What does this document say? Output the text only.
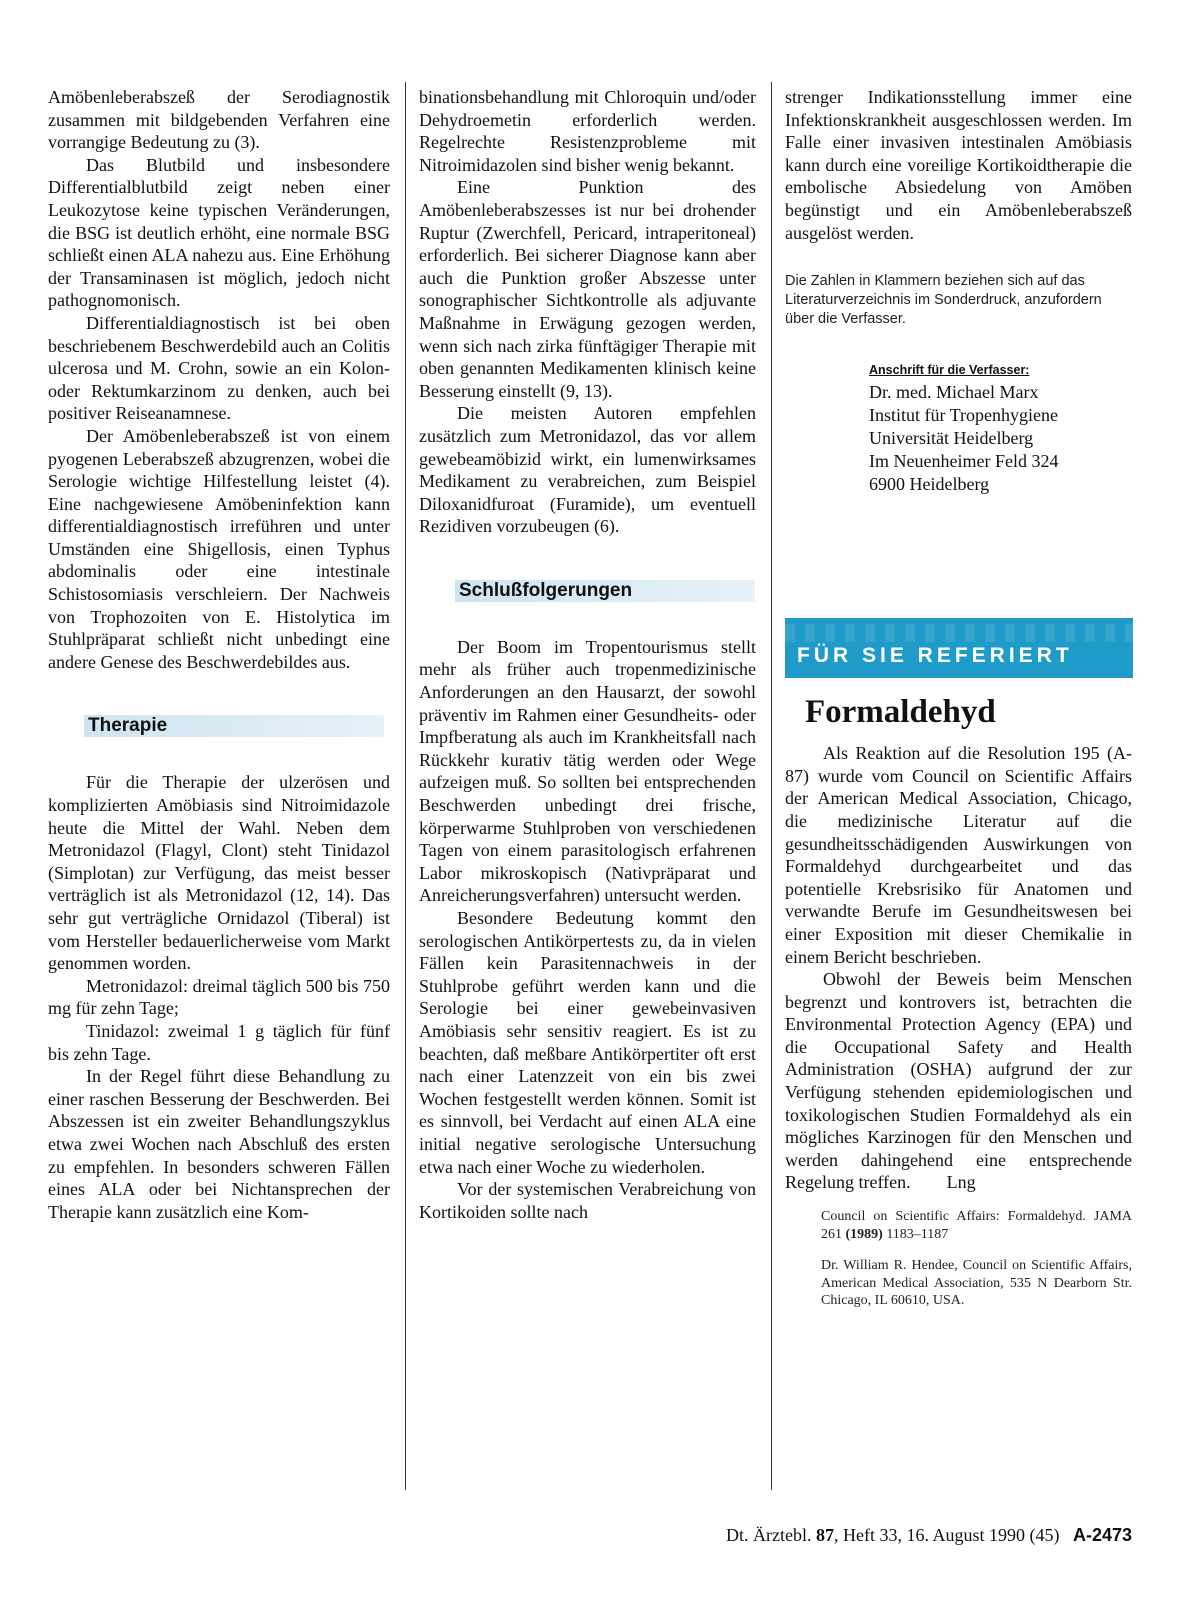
Amöbenleberabszeß der Serodiagnostik zusammen mit bildgebenden Verfahren eine vorrangige Bedeutung zu (3).

Das Blutbild und insbesondere Differentialblutbild zeigt neben einer Leukozytose keine typischen Veränderungen, die BSG ist deutlich erhöht, eine normale BSG schließt einen ALA nahezu aus. Eine Erhöhung der Transaminasen ist möglich, jedoch nicht pathognomonisch.

Differentialdiagnostisch ist bei oben beschriebenem Beschwerdebild auch an Colitis ulcerosa und M. Crohn, sowie an ein Kolon- oder Rektumkarzinom zu denken, auch bei positiver Reiseanamnese.

Der Amöbenleberabszeß ist von einem pyogenen Leberabszeß abzugrenzen, wobei die Serologie wichtige Hilfestellung leistet (4). Eine nachgewiesene Amöbeninfektion kann differentialdiagnostisch irreführen und unter Umständen eine Shigellosis, einen Typhus abdominalis oder eine intestinale Schistosomiasis verschleiern. Der Nachweis von Trophozoiten von E. Histolytica im Stuhlpräparat schließt nicht unbedingt eine andere Genese des Beschwerdebildes aus.

Therapie

Für die Therapie der ulzerösen und komplizierten Amöbiasis sind Nitroimidazole heute die Mittel der Wahl. Neben dem Metronidazol (Flagyl, Clont) steht Tinidazol (Simplotan) zur Verfügung, das meist besser verträglich ist als Metronidazol (12, 14). Das sehr gut verträgliche Ornidazol (Tiberal) ist vom Hersteller bedauerlicherweise vom Markt genommen worden.

Metronidazol: dreimal täglich 500 bis 750 mg für zehn Tage;

Tinidazol: zweimal 1 g täglich für fünf bis zehn Tage.

In der Regel führt diese Behandlung zu einer raschen Besserung der Beschwerden. Bei Abszessen ist ein zweiter Behandlungszyklus etwa zwei Wochen nach Abschluß des ersten zu empfehlen. In besonders schweren Fällen eines ALA oder bei Nichtansprechen der Therapie kann zusätzlich eine Kom-

binationsbehandlung mit Chloroquin und/oder Dehydroemetin erforderlich werden. Regelrechte Resistenzprobleme mit Nitroimidazolen sind bisher wenig bekannt.

Eine Punktion des Amöbenleberabszesses ist nur bei drohender Ruptur (Zwerchfell, Pericard, intraperitoneal) erforderlich. Bei sicherer Diagnose kann aber auch die Punktion großer Abszesse unter sonographischer Sichtkontrolle als adjuvante Maßnahme in Erwägung gezogen werden, wenn sich nach zirka fünftägiger Therapie mit oben genannten Medikamenten klinisch keine Besserung einstellt (9, 13).

Die meisten Autoren empfehlen zusätzlich zum Metronidazol, das vor allem gewebeamöbizid wirkt, ein lumenwirksames Medikament zu verabreichen, zum Beispiel Diloxanidfuroat (Furamide), um eventuell Rezidiven vorzubeugen (6).

Schlußfolgerungen

Der Boom im Tropentourismus stellt mehr als früher auch tropenmedizinische Anforderungen an den Hausarzt, der sowohl präventiv im Rahmen einer Gesundheits- oder Impfberatung als auch im Krankheitsfall nach Rückkehr kurativ tätig werden oder Wege aufzeigen muß. So sollten bei entsprechenden Beschwerden unbedingt drei frische, körperwarme Stuhlproben von verschiedenen Tagen von einem parasitologisch erfahrenen Labor mikroskopisch (Nativpräparat und Anreicherungsverfahren) untersucht werden.

Besondere Bedeutung kommt den serologischen Antikörpertests zu, da in vielen Fällen kein Parasitennachweis in der Stuhlprobe geführt werden kann und die Serologie bei einer gewebeinvasiven Amöbiasis sehr sensitiv reagiert. Es ist zu beachten, daß meßbare Antikörpertiter oft erst nach einer Latenzzeit von ein bis zwei Wochen festgestellt werden können. Somit ist es sinnvoll, bei Verdacht auf einen ALA eine initial negative serologische Untersuchung etwa nach einer Woche zu wiederholen.

Vor der systemischen Verabreichung von Kortikoiden sollte nach

strenger Indikationsstellung immer eine Infektionskrankheit ausgeschlossen werden. Im Falle einer invasiven intestinalen Amöbiasis kann durch eine voreilige Kortikoidtherapie die embolische Absiedelung von Amöben begünstigt und ein Amöbenleberabszeß ausgelöst werden.

Die Zahlen in Klammern beziehen sich auf das Literaturverzeichnis im Sonderdruck, anzufordern über die Verfasser.

Anschrift für die Verfasser:
Dr. med. Michael Marx
Institut für Tropenhygiene
Universität Heidelberg
Im Neuenheimer Feld 324
6900 Heidelberg
FÜR SIE REFERIERT
Formaldehyd

Als Reaktion auf die Resolution 195 (A-87) wurde vom Council on Scientific Affairs der American Medical Association, Chicago, die medizinische Literatur auf die gesundheitsschädigenden Auswirkungen von Formaldehyd durchgearbeitet und das potentielle Krebsrisiko für Anatomen und verwandte Berufe im Gesundheitswesen bei einer Exposition mit dieser Chemikalie in einem Bericht beschrieben.

Obwohl der Beweis beim Menschen begrenzt und kontrovers ist, betrachten die Environmental Protection Agency (EPA) und die Occupational Safety and Health Administration (OSHA) aufgrund der zur Verfügung stehenden epidemiologischen und toxikologischen Studien Formaldehyd als ein mögliches Karzinogen für den Menschen und werden dahingehend eine entsprechende Regelung treffen. Lng

Council on Scientific Affairs: Formaldehyd. JAMA 261 (1989) 1183–1187

Dr. William R. Hendee, Council on Scientific Affairs, American Medical Association, 535 N Dearborn Str. Chicago, IL 60610, USA.

Dt. Ärztebl. 87, Heft 33, 16. August 1990 (45) A-2473
